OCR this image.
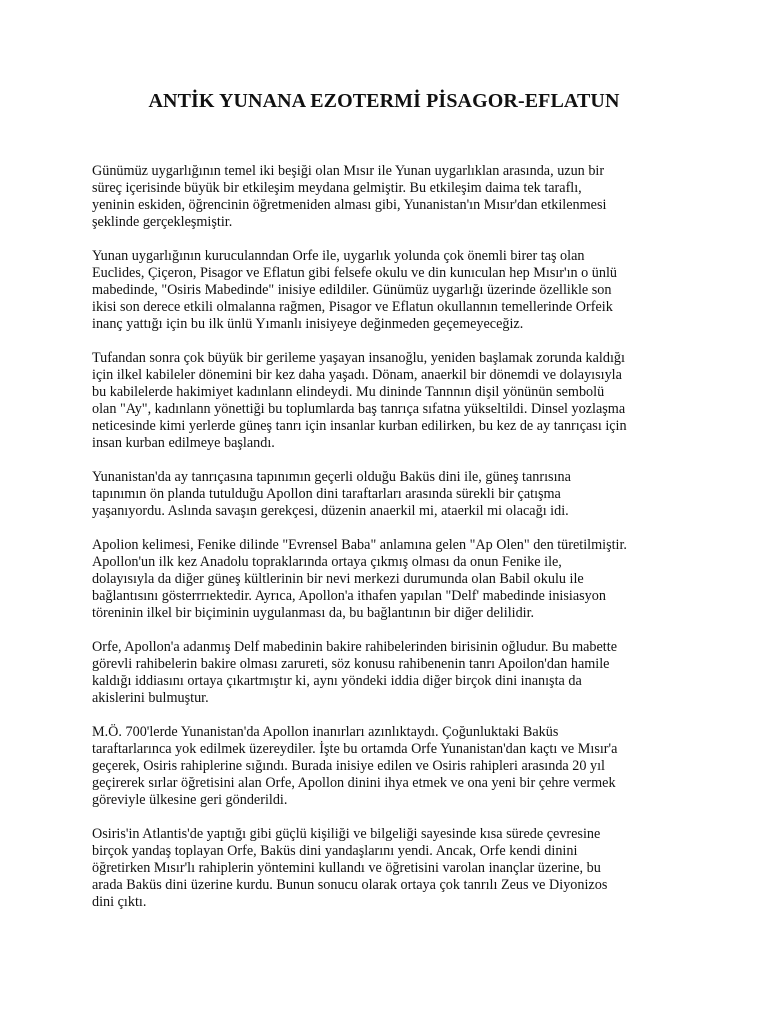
ANTİK YUNANA EZOTERMİ PİSAGOR-EFLATUN

Günümüz uygarlığının temel iki beşiği olan Mısır ile Yunan uygarlıklan arasında, uzun bir
süreç içerisinde büyük bir etkileşim meydana gelmiştir. Bu etkileşim daima tek taraflı,
yeninin eskiden, öğrencinin öğretmeniden alması gibi, Yunanistan'ın Mısır'dan etkilenmesi
şeklinde gerçekleşmiştir.

Yunan uygarlığının kuruculanndan Orfe ile, uygarlık yolunda çok önemli birer taş olan
Euclides, Çiçeron, Pisagor ve Eflatun gibi felsefe okulu ve din kunıculan hep Mısır'ın o ünlü
mabedinde, "Osiris Mabedinde" inisiye edildiler. Günümüz uygarlığı üzerinde özellikle son
ikisi son derece etkili olmalanna rağmen, Pisagor ve Eflatun okullannın temellerinde Orfeik
inanç yattığı için bu ilk ünlü Yımanlı inisiyeye değinmeden geçemeyeceğiz.

Tufandan sonra çok büyük bir gerileme yaşayan insanoğlu, yeniden başlamak zorunda kaldığı
için ilkel kabileler dönemini bir kez daha yaşadı. Dönam, anaerkil bir dönemdi ve dolayısıyla
bu kabilelerde hakimiyet kadınlann elindeydi. Mu dininde Tannnın dişil yönünün sembolü
olan "Ay", kadınlann yönettiği bu toplumlarda baş tanrıça sıfatna yükseltildi. Dinsel yozlaşma
neticesinde kimi yerlerde güneş tanrı için insanlar kurban edilirken, bu kez de ay tanrıçası için
insan kurban edilmeye başlandı.

Yunanistan'da ay tanrıçasına tapınımın geçerli olduğu Baküs dini ile, güneş tanrısına
tapınımın ön planda tutulduğu Apollon dini taraftarları arasında sürekli bir çatışma
yaşanıyordu. Aslında savaşın gerekçesi, düzenin anaerkil mi, ataerkil mi olacağı idi.

Apolion kelimesi, Fenike dilinde "Evrensel Baba" anlamına gelen "Ap Olen" den türetilmiştir.
Apollon'un ilk kez Anadolu topraklarında ortaya çıkmış olması da onun Fenike ile,
dolayısıyla da diğer güneş kültlerinin bir nevi merkezi durumunda olan Babil okulu ile
bağlantısını gösterrrıektedir. Ayrıca, Apollon'a ithafen yapılan "Delf' mabedinde inisiasyon
töreninin ilkel bir biçiminin uygulanması da, bu bağlantının bir diğer delilidir.

Orfe, Apollon'a adanmış Delf mabedinin bakire rahibelerinden birisinin oğludur. Bu mabette
görevli rahibelerin bakire olması zarureti, söz konusu rahibenenin tanrı Apoilon'dan hamile
kaldığı iddiasını ortaya çıkartmıştır ki, aynı yöndeki iddia diğer birçok dini inanışta da
akislerini bulmuştur.

M.Ö. 700'lerde Yunanistan'da Apollon inanırları azınlıktaydı. Çoğunluktaki Baküs
taraftarlarınca yok edilmek üzereydiler. İşte bu ortamda Orfe Yunanistan'dan kaçtı ve Mısır'a
geçerek, Osiris rahiplerine sığındı. Burada inisiye edilen ve Osiris rahipleri arasında 20 yıl
geçirerek sırlar öğretisini alan Orfe, Apollon dinini ihya etmek ve ona yeni bir çehre vermek
göreviyle ülkesine geri gönderildi.

Osiris'in Atlantis'de yaptığı gibi güçlü kişiliği ve bilgeliği sayesinde kısa sürede çevresine
birçok yandaş toplayan Orfe, Baküs dini yandaşlarını yendi. Ancak, Orfe kendi dinini
öğretirken Mısır'lı rahiplerin yöntemini kullandı ve öğretisini varolan inançlar üzerine, bu
arada Baküs dini üzerine kurdu. Bunun sonucu olarak ortaya çok tanrılı Zeus ve Diyonizos
dini çıktı.
